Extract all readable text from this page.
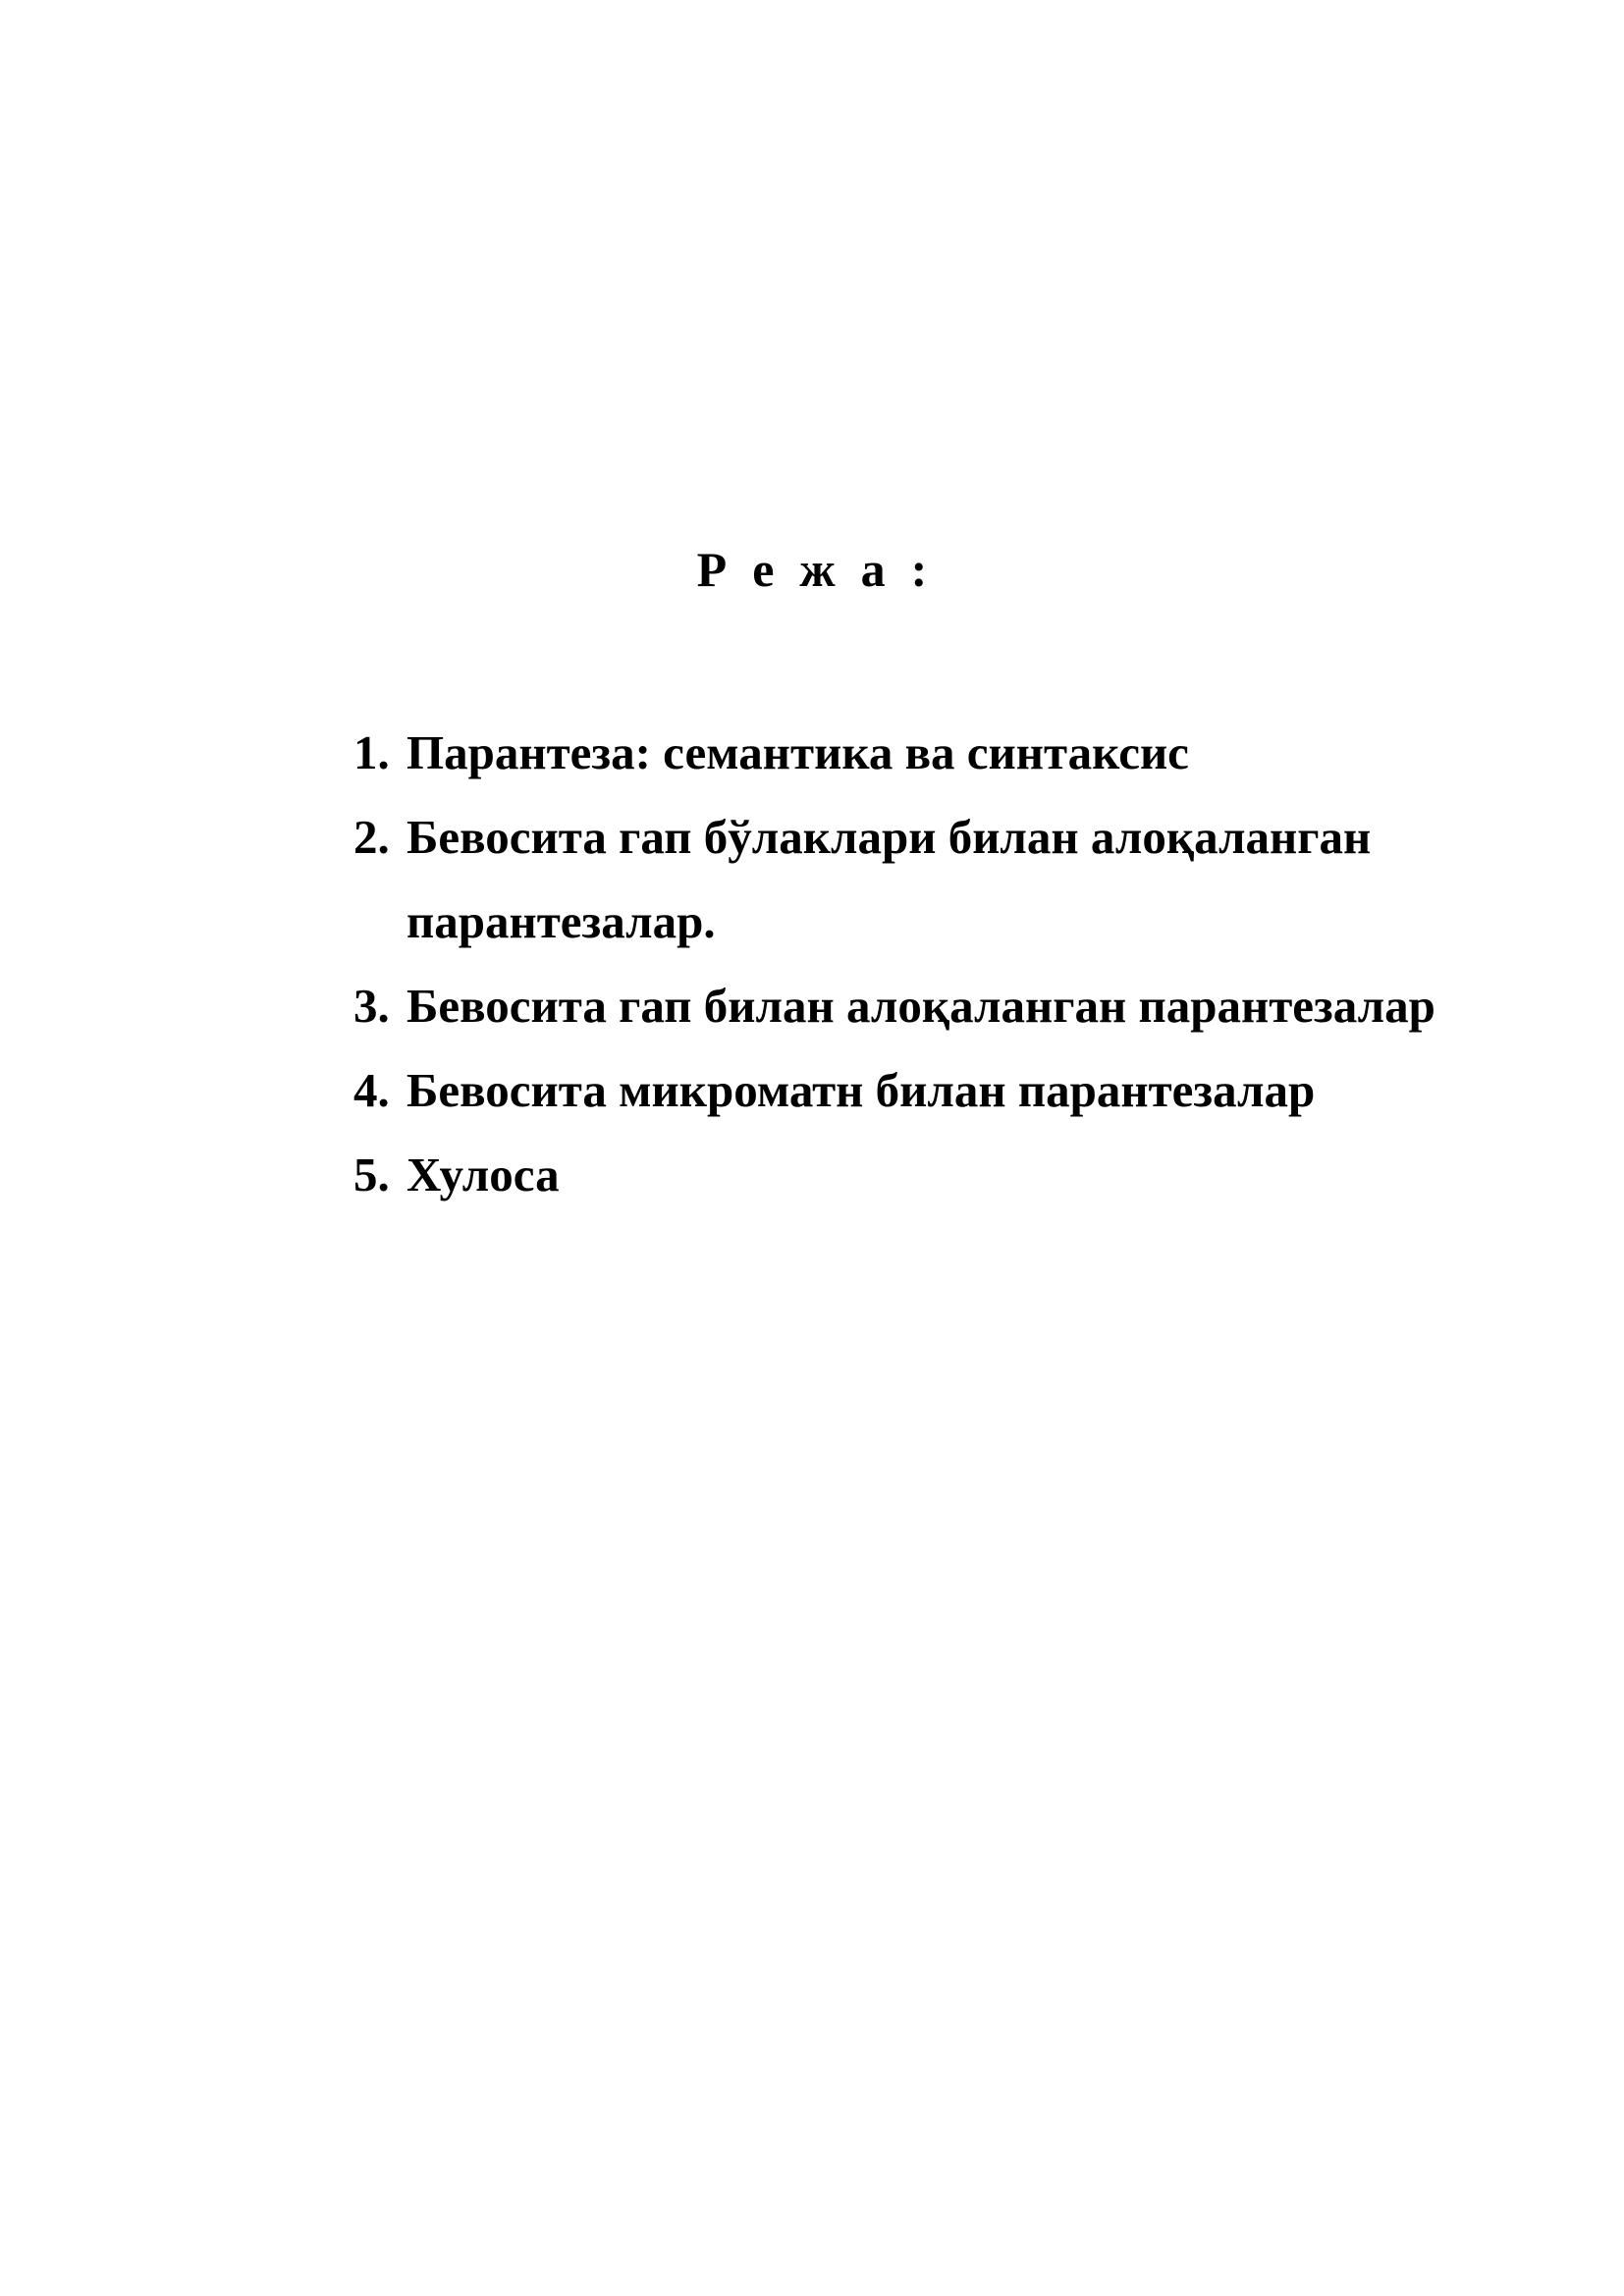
Р е ж а :
1. Парантеза: семантика ва синтаксис
2. Бевосита гап бўлаклари билан алоқаланган
парантезалар.
3. Бевосита гап билан алоқаланган парантезалар
4. Бевосита микроматн билан парантезалар
5. Хулоса
